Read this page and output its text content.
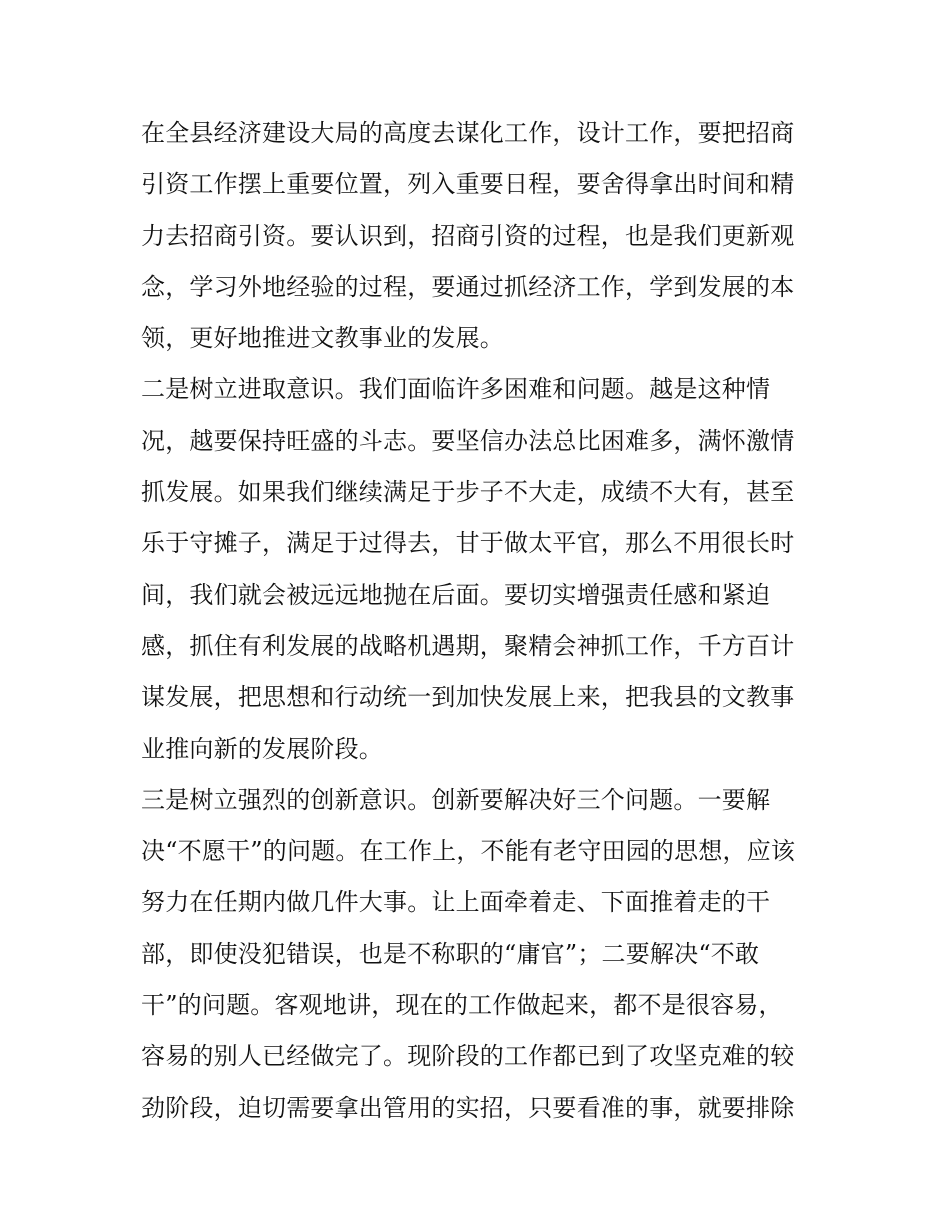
在全县经济建设大局的高度去谋化工作，设计工作，要把招商
引资工作摆上重要位置，列入重要日程，要舍得拿出时间和精
力去招商引资。要认识到，招商引资的过程，也是我们更新观
念，学习外地经验的过程，要通过抓经济工作，学到发展的本
领，更好地推进文教事业的发展。
二是树立进取意识。我们面临许多困难和问题。越是这种情
况，越要保持旺盛的斗志。要坚信办法总比困难多，满怀激情
抓发展。如果我们继续满足于步子不大走，成绩不大有，甚至
乐于守摊子，满足于过得去，甘于做太平官，那么不用很长时
间，我们就会被远远地抛在后面。要切实增强责任感和紧迫
感，抓住有利发展的战略机遇期，聚精会神抓工作，千方百计
谋发展，把思想和行动统一到加快发展上来，把我县的文教事
业推向新的发展阶段。
三是树立强烈的创新意识。创新要解决好三个问题。一要解
决“不愿干”的问题。在工作上，不能有老守田园的思想，应该
努力在任期内做几件大事。让上面牵着走、下面推着走的干
部，即使没犯错误，也是不称职的“庸官”；二要解决“不敢
干”的问题。客观地讲，现在的工作做起来，都不是很容易，
容易的别人已经做完了。现阶段的工作都已到了攻坚克难的较
劲阶段，迫切需要拿出管用的实招，只要看准的事，就要排除
